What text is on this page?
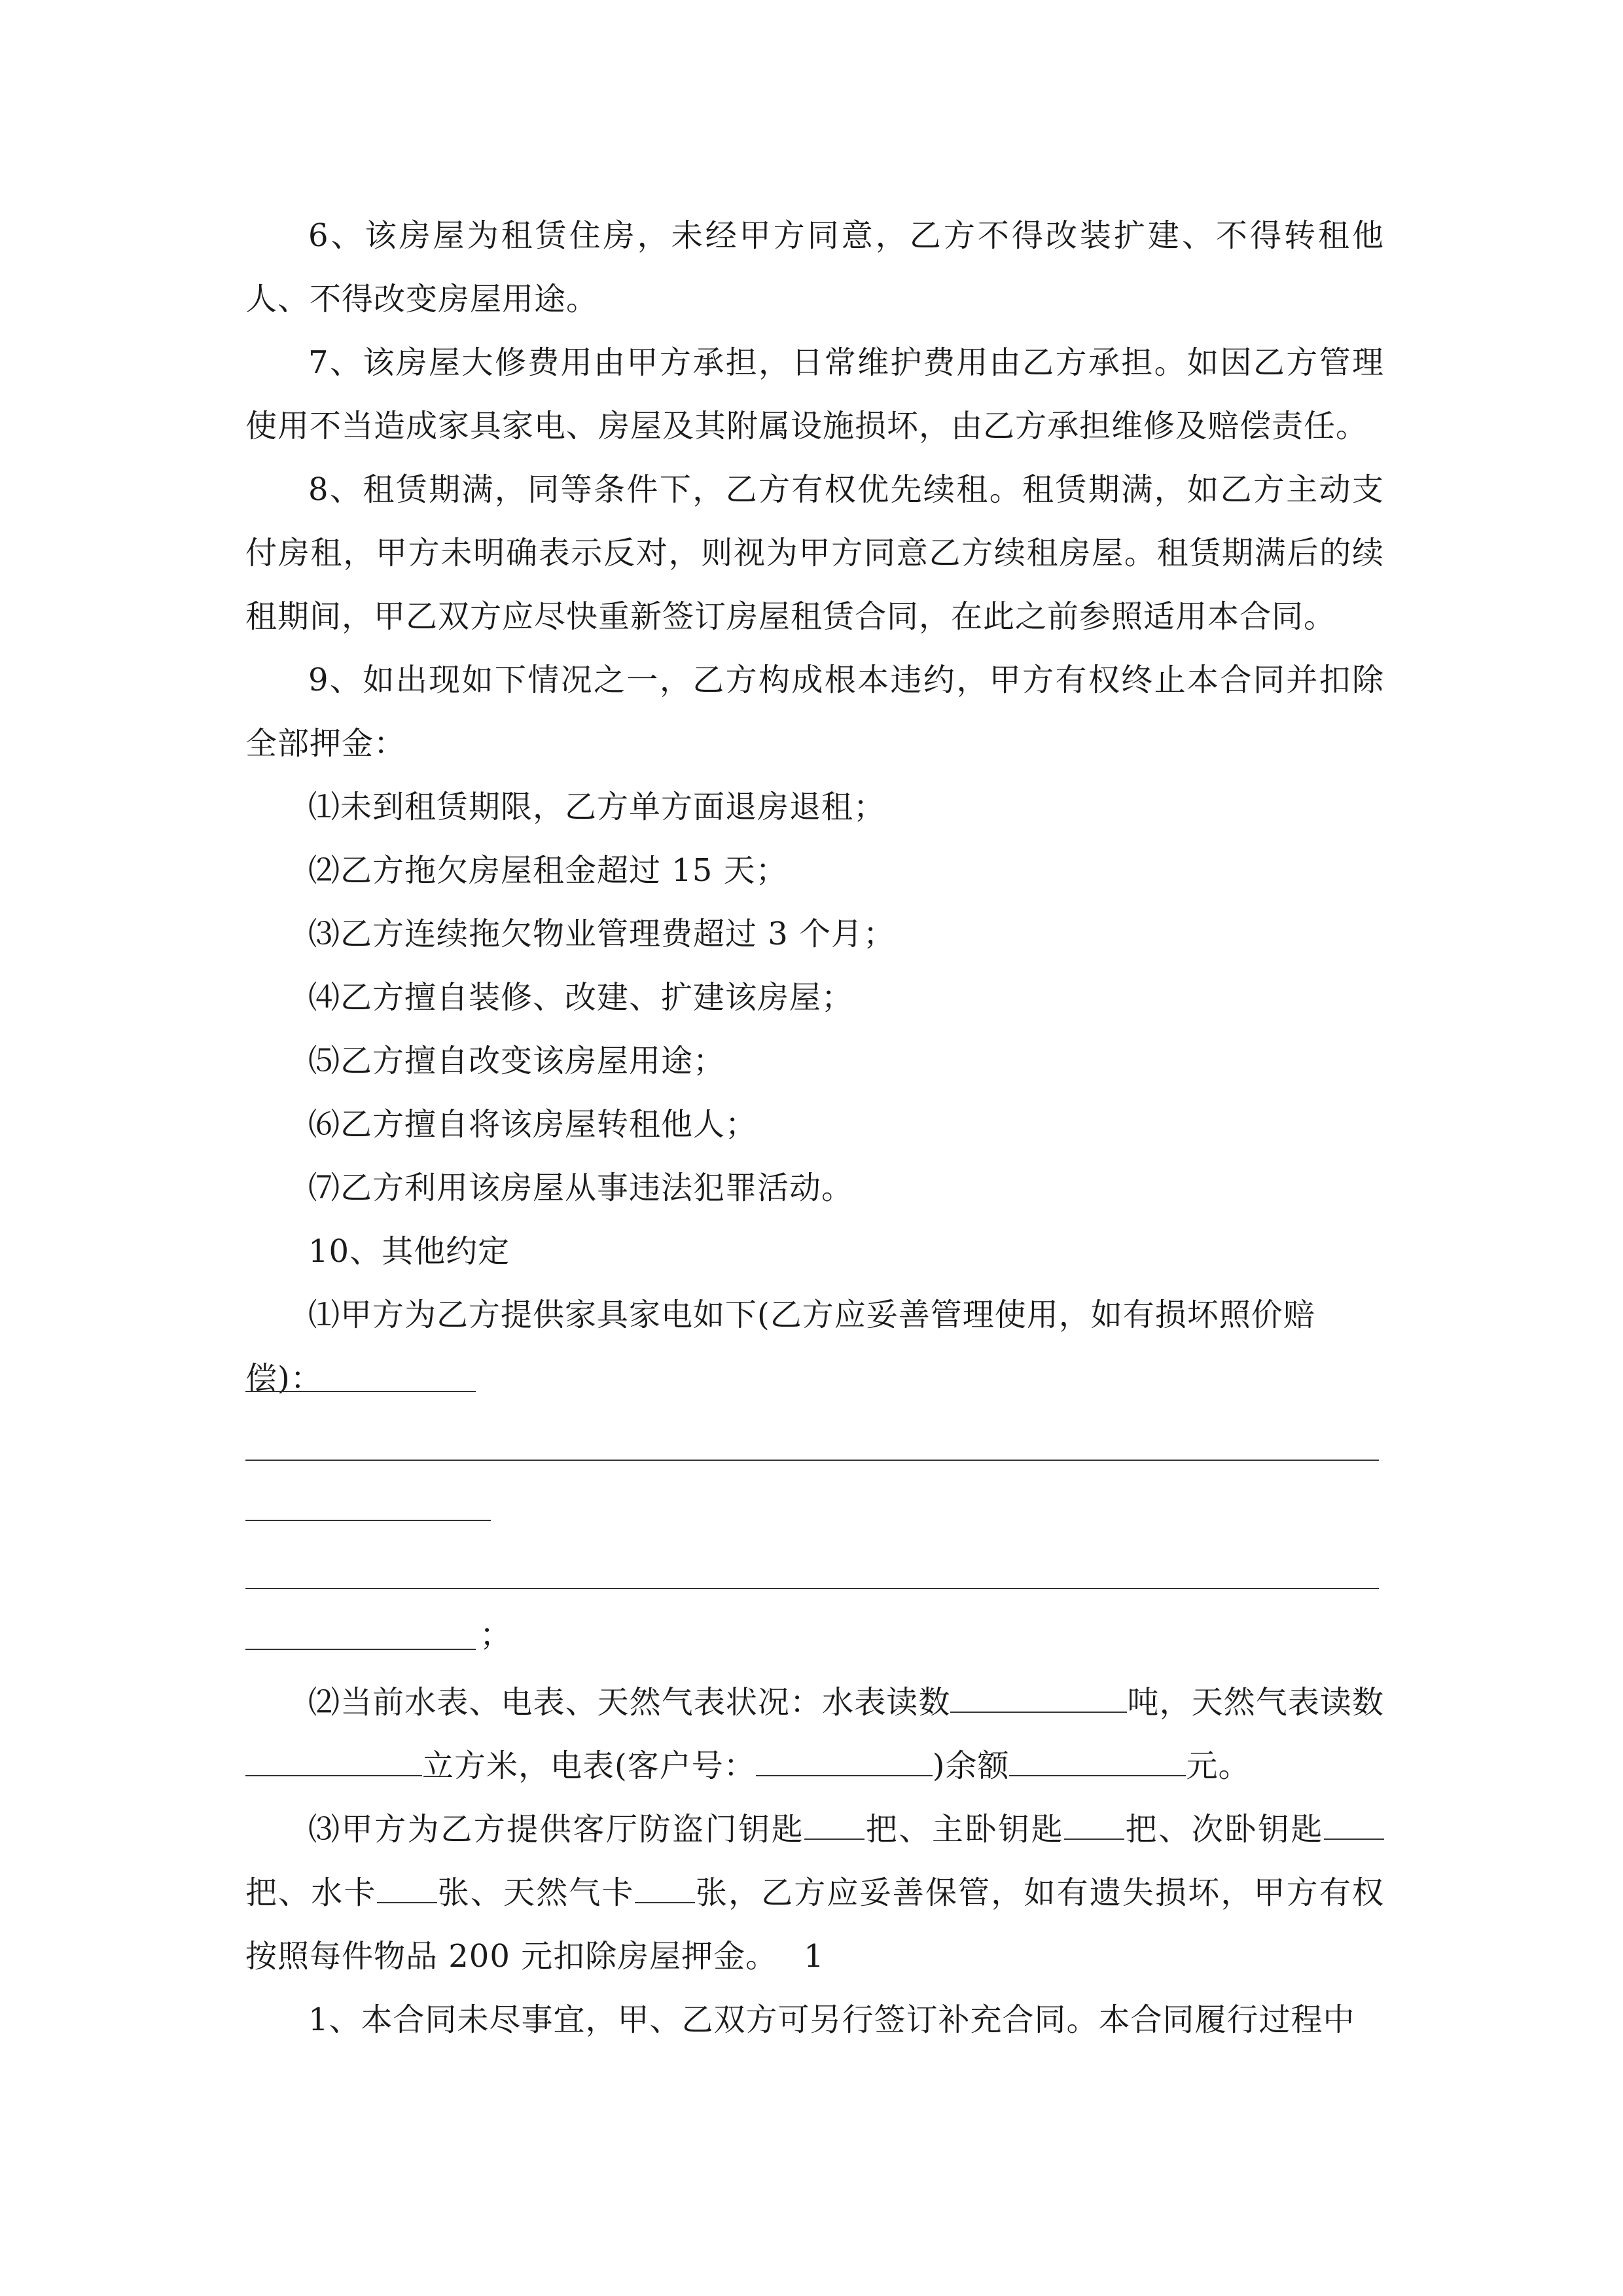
6、该房屋为租赁住房，未经甲方同意，乙方不得改装扩建、不得转租他人、不得改变房屋用途。

7、该房屋大修费用由甲方承担，日常维护费用由乙方承担。如因乙方管理使用不当造成家具家电、房屋及其附属设施损坏，由乙方承担维修及赔偿责任。

8、租赁期满，同等条件下，乙方有权优先续租。租赁期满，如乙方主动支付房租，甲方未明确表示反对，则视为甲方同意乙方续租房屋。租赁期满后的续租期间，甲乙双方应尽快重新签订房屋租赁合同，在此之前参照适用本合同。

9、如出现如下情况之一，乙方构成根本违约，甲方有权终止本合同并扣除全部押金：

⑴未到租赁期限，乙方单方面退房退租；

⑵乙方拖欠房屋租金超过 15 天；

⑶乙方连续拖欠物业管理费超过 3 个月；

⑷乙方擅自装修、改建、扩建该房屋；

⑸乙方擅自改变该房屋用途；

⑹乙方擅自将该房屋转租他人；

⑺乙方利用该房屋从事违法犯罪活动。

10、其他约定

⑴甲方为乙方提供家具家电如下(乙方应妥善管理使用，如有损坏照价赔偿)：

；

⑵当前水表、电表、天然气表状况：水表读数	吨，天然气表读数立方米，电表(客户号：	)余额	元。

⑶甲方为乙方提供客厅防盗门钥匙 把、主卧钥匙 把、次卧钥匙把、水卡 张、天然气卡 张，乙方应妥善保管，如有遗失损坏，甲方有权按照每件物品 200 元扣除房屋押金。 1

1、本合同未尽事宜，甲、乙双方可另行签订补充合同。本合同履行过程中
